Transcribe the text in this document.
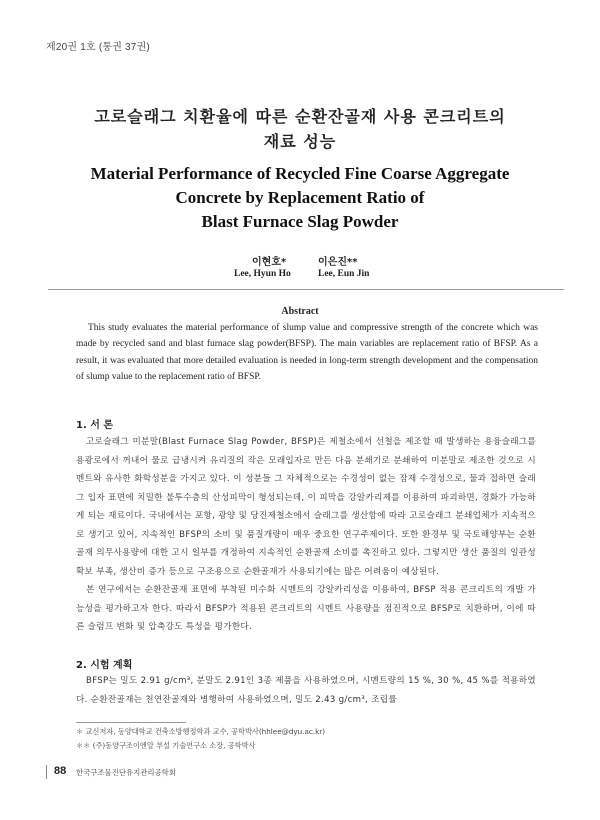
제20권 1호 (통권 37권)
고로슬래그 치환율에 따른 순환잔골재 사용 콘크리트의
재료 성능
Material Performance of Recycled Fine Coarse Aggregate
Concrete by Replacement Ratio of
Blast Furnace Slag Powder
이현호*	이은진**
Lee, Hyun Ho	Lee, Eun Jin
Abstract

This study evaluates the material performance of slump value and compressive strength of the concrete which was made by recycled sand and blast furnace slag powder(BFSP). The main variables are replacement ratio of BFSP. As a result, it was evaluated that more detailed evaluation is needed in long-term strength development and the compensation of slump value to the replacement ratio of BFSP.

1. 서 론

고로슬래그 미분말(Blast Furnace Slag Powder, BFSP)은 제철소에서 선철을 제조할 때 발생하는 용융슬래그를 용광로에서 꺼내어 물로 급냉시켜 유리질의 작은 모래입자로 만든 다음 분쇄기로 분쇄하여 미분말로 제조한 것으로 시멘트와 유사한 화학성분을 가지고 있다. 이 성분들 그 자체적으로는 수경성이 없는 잠재 수경성으로, 물과 접하면 슬래그 입자 표면에 치밀한 불투수층의 산성피막이 형성되는데, 이 피막을 강알카리제를 이용하여 파괴하면, 경화가 가능하게 되는 재료이다. 국내에서는 포항, 광양 및 당진제철소에서 슬래그를 생산함에 따라 고로슬래그 분쇄업체가 지속적으로 생기고 있어, 지속적인 BFSP의 소비 및 품질개량이 매우 중요한 연구주제이다. 또한 환경부 및 국토해양부는 순환골재 의무사용량에 대한 고시 일부를 개정하여 지속적인 순환골재 소비를 촉진하고 있다. 그렇지만 생산 품질의 일관성 확보 부족, 생산비 증가 등으로 구조용으로 순환골재가 사용되기에는 많은 어려움이 예상된다.

본 연구에서는 순환잔골재 표면에 부착된 미수화 시멘트의 강알카리성을 이용하여, BFSP 적용 콘크리트의 개발 가능성을 평가하고자 한다. 따라서 BFSP가 적용된 콘크리트의 시멘트 사용량을 점진적으로 BFSP로 치환하며, 이에 따른 슬럼프 변화 및 압축강도 특성을 평가한다.

2. 시험 계획

BFSP는 밀도 2.91 g/cm³, 분말도 2.91인 3종 제품을 사용하였으며, 시멘트량의 15 %, 30 %, 45 %를 적용하였다. 순환잔골재는 천연잔골재와 병행하여 사용하였으며, 밀도 2.43 g/cm³, 조립률

＊ 교신저자, 동양대학교 건축소방행정학과 교수, 공학박사(hhlee@dyu.ac.kr)
＊＊ (주)동양구조이엔알 부설 기술연구소 소장, 공학박사
88 한국구조물진단유지관리공학회
